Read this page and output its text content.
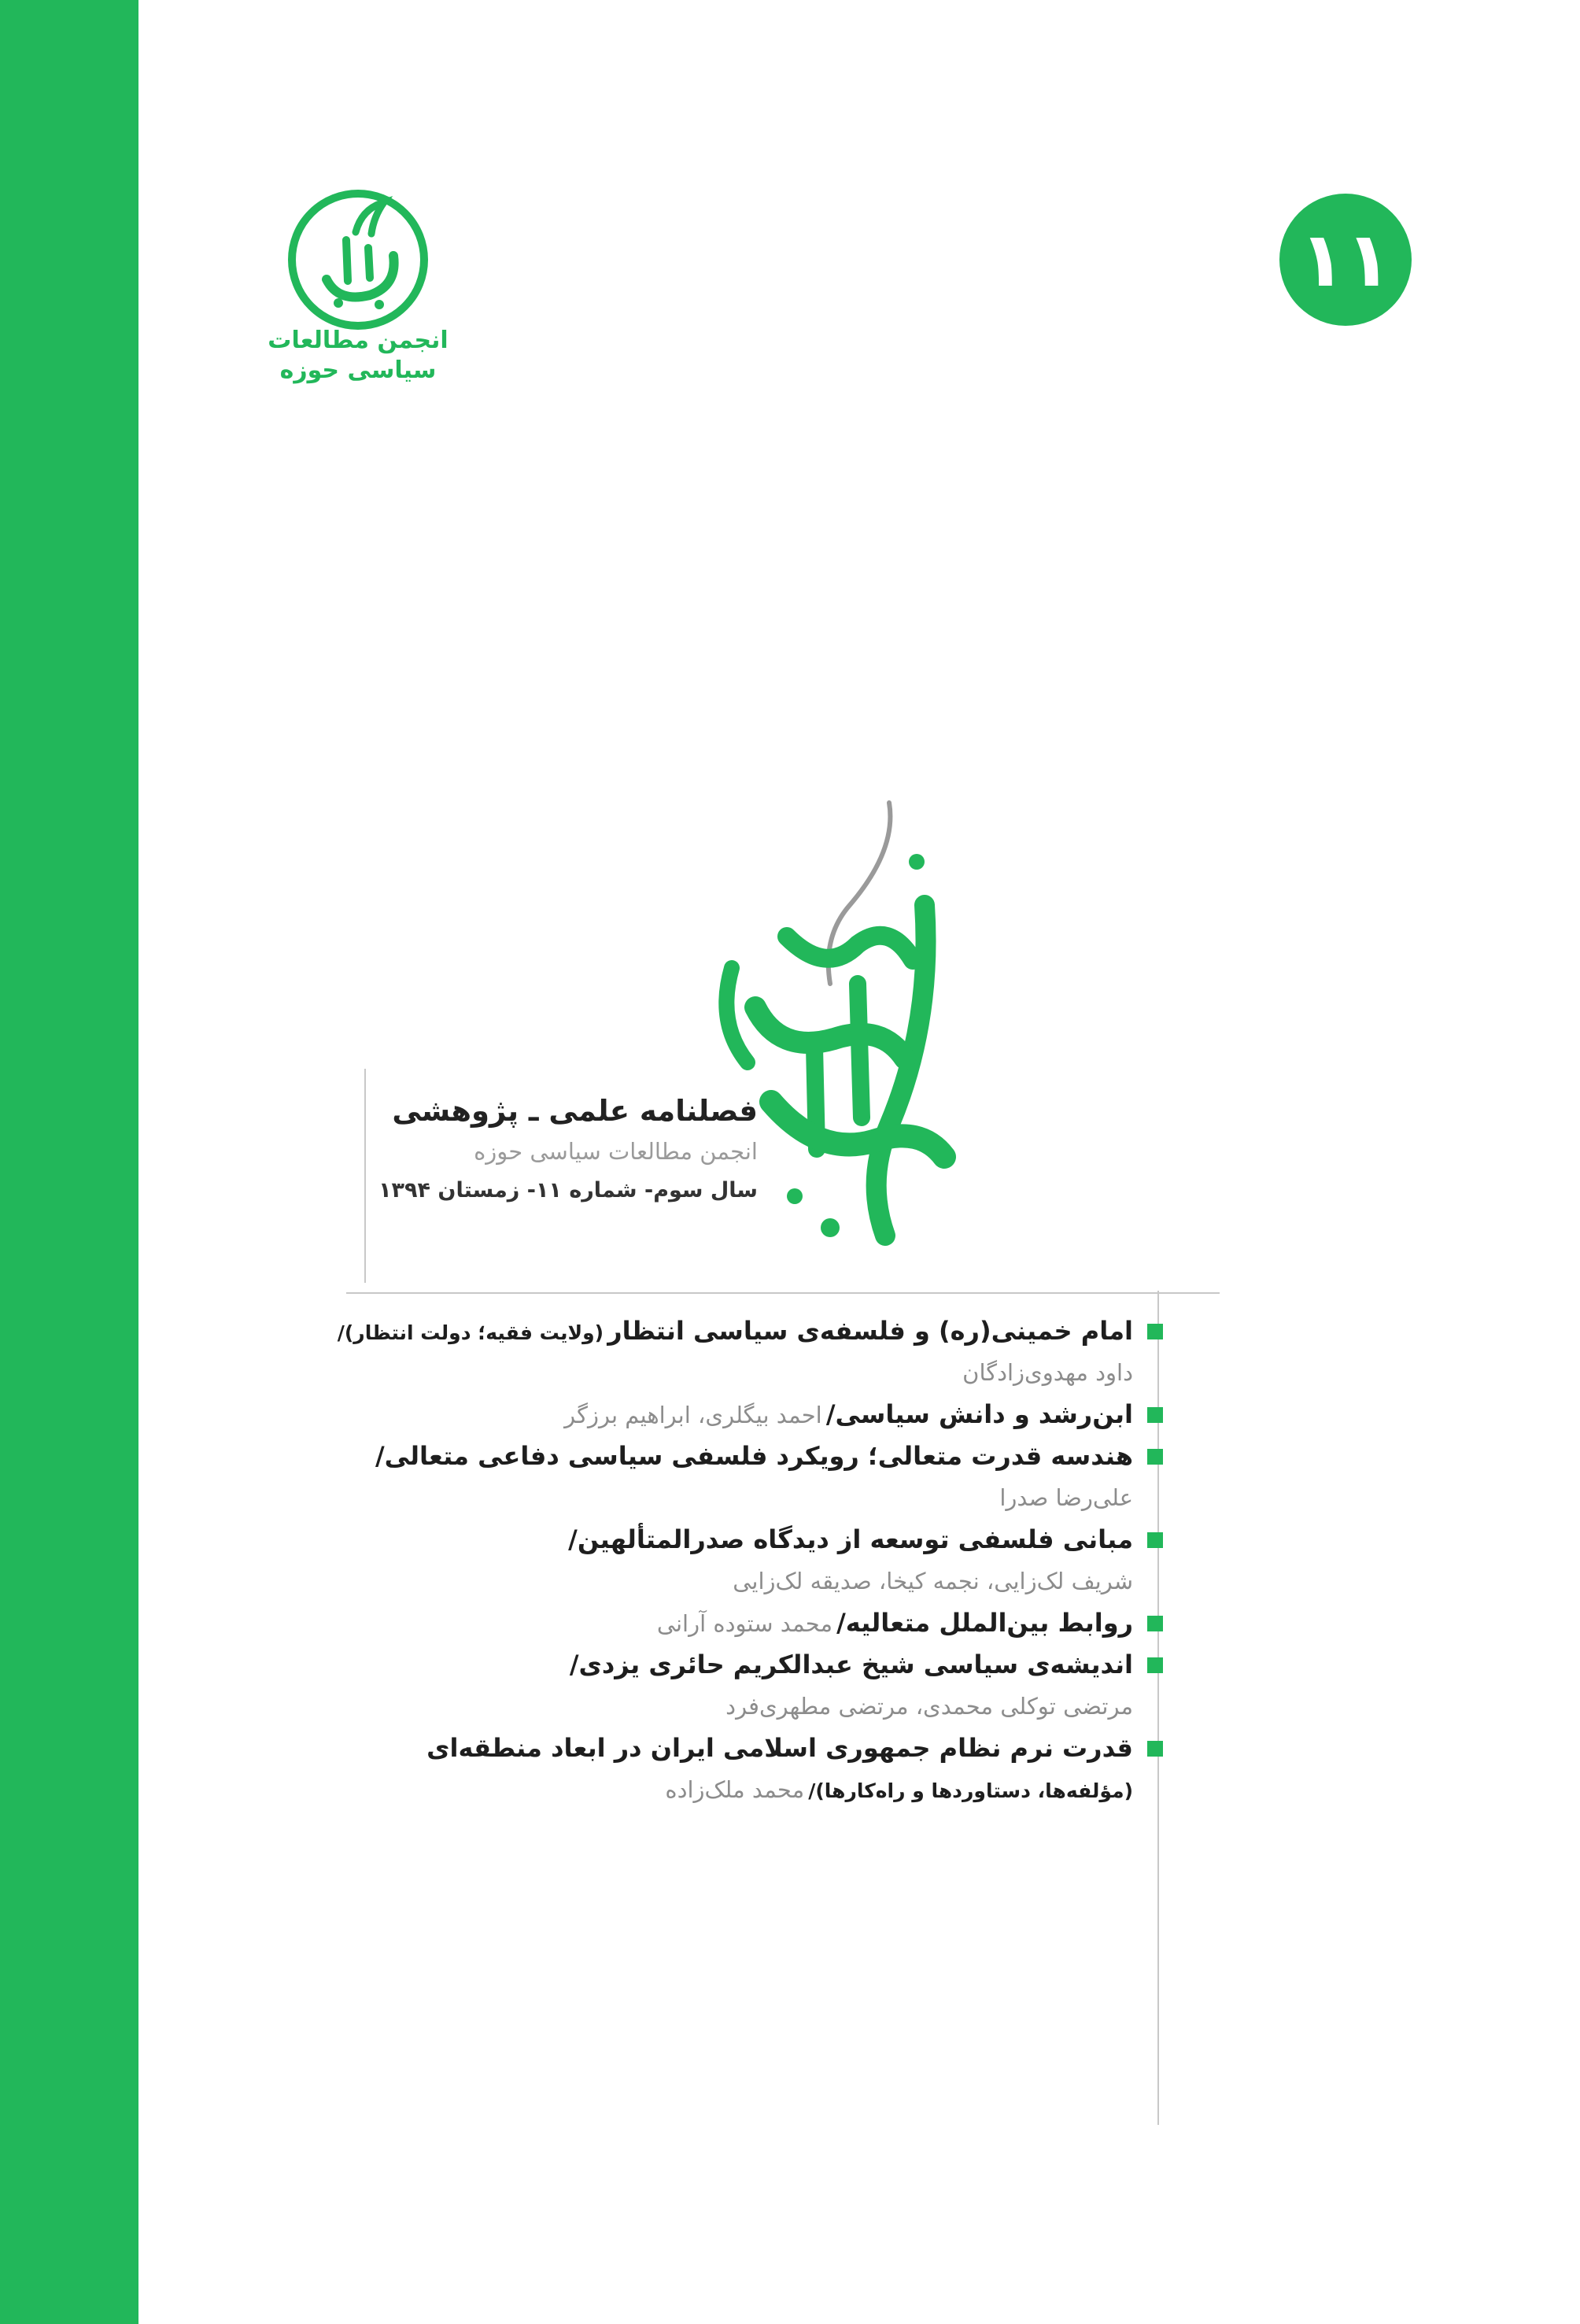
انجمن مطالعات
سیاسی حوزه
۱۱
فصلنامه علمی ـ پژوهشی
انجمن مطالعات سیاسی حوزه
سال سوم- شماره ۱۱- زمستان ۱۳۹۴
امام خمینی(ره) و فلسفه‌ی سیاسی انتظار (ولایت فقیه؛ دولت انتظار)/
داود مهدوی‌زادگان
ابن‌رشد و دانش سیاسی/ احمد بیگلری، ابراهیم برزگر
هندسه قدرت متعالی؛ رویکرد فلسفی سیاسی دفاعی متعالی/
علی‌رضا صدرا
مبانی فلسفی توسعه از دیدگاه صدرالمتألهین/
شریف لک‌زایی، نجمه کیخا، صدیقه لک‌زایی
روابط بین‌الملل متعالیه/ محمد ستوده آرانی
اندیشه‌ی سیاسی شیخ عبدالکریم حائری یزدی/
مرتضی توکلی محمدی، مرتضی مطهری‌فرد
قدرت نرم نظام جمهوری اسلامی ایران در ابعاد منطقه‌ای
(مؤلفه‌ها، دستاوردها و راه‌کارها)/ محمد ملک‌زاده
